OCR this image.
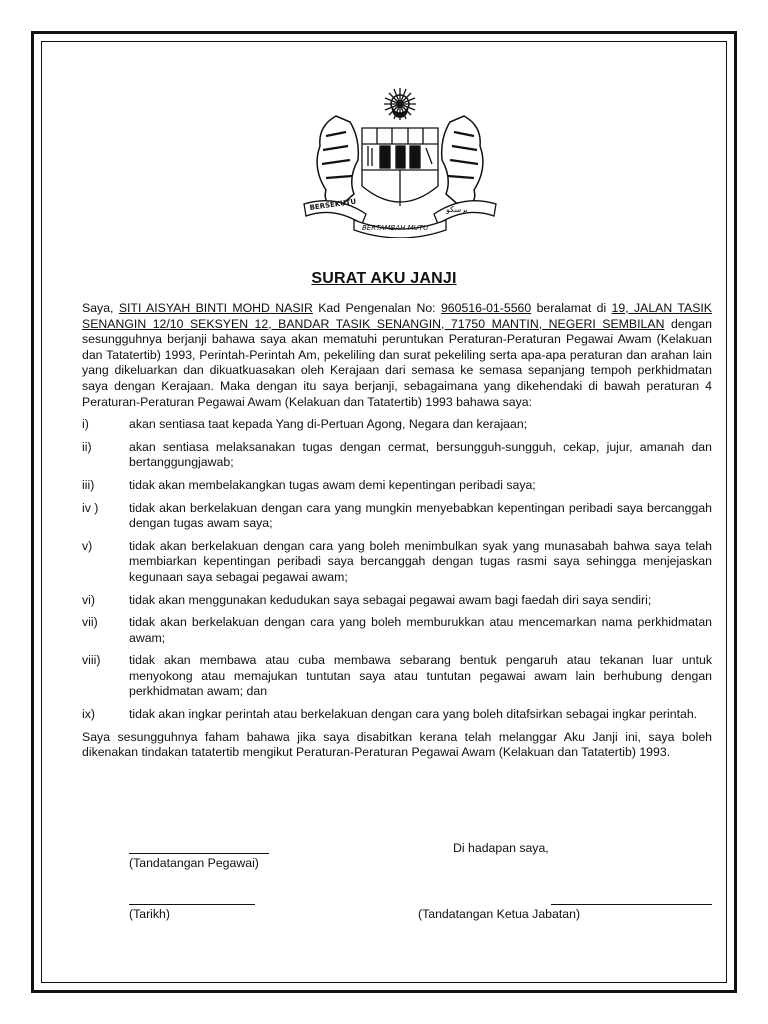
BERSEKUTU
BERTAMBAH MUTU
ﺑﺮﺳﻜﻮ
SURAT AKU JANJI

Saya, SITI AISYAH BINTI MOHD NASIR Kad Pengenalan No: 960516-01-5560 beralamat di 19, JALAN TASIK SENANGIN 12/10 SEKSYEN 12, BANDAR TASIK SENANGIN, 71750 MANTIN, NEGERI SEMBILAN dengan sesungguhnya berjanji bahawa saya akan mematuhi peruntukan Peraturan-Peraturan Pegawai Awam (Kelakuan dan Tatatertib) 1993, Perintah-Perintah Am, pekeliling dan surat pekeliling serta apa-apa peraturan dan arahan lain yang dikeluarkan dan dikuatkuasakan oleh Kerajaan dari semasa ke semasa sepanjang tempoh perkhidmatan saya dengan Kerajaan. Maka dengan itu saya berjanji, sebagaimana yang dikehendaki di bawah peraturan 4 Peraturan-Peraturan Pegawai Awam (Kelakuan dan Tatatertib) 1993 bahawa saya:

i)	akan sentiasa taat kepada Yang di-Pertuan Agong, Negara dan kerajaan;
ii)	akan sentiasa melaksanakan tugas dengan cermat, bersungguh-sungguh, cekap, jujur, amanah dan bertanggungjawab;
iii)	tidak akan membelakangkan tugas awam demi kepentingan peribadi saya;
iv )	tidak akan berkelakuan dengan cara yang mungkin menyebabkan kepentingan peribadi saya bercanggah dengan tugas awam saya;
v)	tidak akan berkelakuan dengan cara yang boleh menimbulkan syak yang munasabah bahwa saya telah membiarkan kepentingan peribadi saya bercanggah dengan tugas rasmi saya sehingga menjejaskan kegunaan saya sebagai pegawai awam;
vi)	tidak akan menggunakan kedudukan saya sebagai pegawai awam bagi faedah diri saya sendiri;
vii)	tidak akan berkelakuan dengan cara yang boleh memburukkan atau mencemarkan nama perkhidmatan awam;
viii)	tidak akan membawa atau cuba membawa sebarang bentuk pengaruh atau tekanan luar untuk menyokong atau memajukan tuntutan saya atau tuntutan pegawai awam lain berhubung dengan perkhidmatan awam; dan
ix)	tidak akan ingkar perintah atau berkelakuan dengan cara yang boleh ditafsirkan sebagai ingkar perintah.

Saya sesungguhnya faham bahawa jika saya disabitkan kerana telah melanggar Aku Janji ini, saya boleh dikenakan tindakan tatatertib mengikut Peraturan-Peraturan Pegawai Awam (Kelakuan dan Tatatertib) 1993.

(Tandatangan Pegawai)
Di hadapan saya,
(Tarikh)	(Tandatangan Ketua Jabatan)
